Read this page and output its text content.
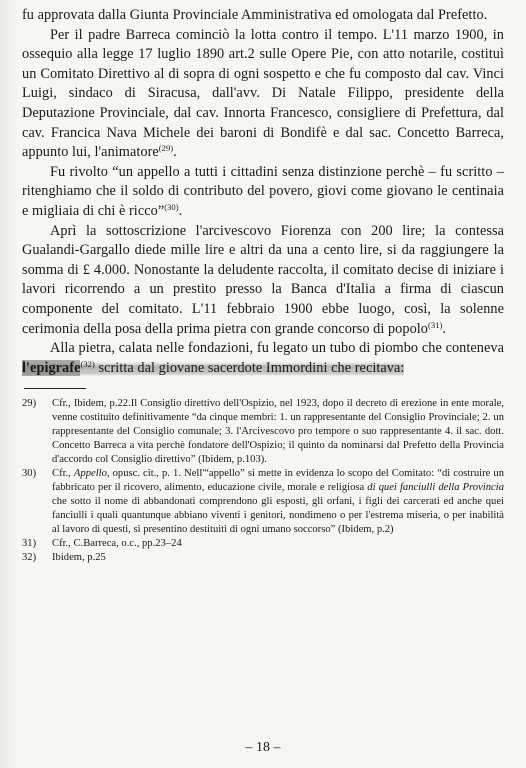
fu approvata dalla Giunta Provinciale Amministrativa ed omologata dal Prefetto.

Per il padre Barreca cominciò la lotta contro il tempo. L'11 marzo 1900, in ossequio alla legge 17 luglio 1890 art.2 sulle Opere Pie, con atto notarile, costituì un Comitato Direttivo al di sopra di ogni sospetto e che fu composto dal cav. Vinci Luigi, sindaco di Siracusa, dall'avv. Di Natale Filippo, presidente della Deputazione Provinciale, dal cav. Innorta Francesco, consigliere di Prefettura, dal cav. Francica Nava Michele dei baroni di Bondifè e dal sac. Concetto Barreca, appunto lui, l'animatore$^{(29)}$.

Fu rivolto “un appello a tutti i cittadini senza distinzione perchè – fu scritto – ritenghiamo che il soldo di contributo del povero, giovi come giovano le centinaia e migliaia di chi è ricco”$^{(30)}$.

Aprì la sottoscrizione l'arcivescovo Fiorenza con 200 lire; la contessa Gualandi-Gargallo diede mille lire e altri da una a cento lire, si da raggiungere la somma di £ 4.000. Nonostante la deludente raccolta, il comitato decise di iniziare i lavori ricorrendo a un prestito presso la Banca d'Italia a firma di ciascun componente del comitato. L'11 febbraio 1900 ebbe luogo, così, la solenne cerimonia della posa della prima pietra con grande concorso di popolo$^{(31)}$.

Alla pietra, calata nelle fondazioni, fu legato un tubo di piombo che conteneva l'epigrafe$^{(32)}$ scritta dal giovane sacerdote Immordini che recitava:

29)	Cfr., Ibidem, p.22.Il Consiglio direttivo dell'Ospizio, nel 1923, dopo il decreto di erezione in ente morale, venne costituito definitivamente “da cinque membri: 1. un rappresentante del Consiglio Provinciale; 2. un rappresentante del Consiglio comunale; 3. l'Arcivescovo pro tempore o suo rappresentante 4. il sac. dott. Concetto Barreca a vita perchè fondatore dell'Ospizio; il quinto da nominarsi dal Prefetto della Provincia d'accordo col Consiglio direttivo” (Ibidem, p.103).

30)	Cfr., Appello, opusc. cit., p. 1. Nell'“appello” si mette in evidenza lo scopo del Comitato: “di costruire un fabbricato per il ricovero, alimento, educazione civile, morale e religiosa di quei fanciulli della Provincia che sotto il nome di abbandonati comprendono gli esposti, gli orfani, i figli dei carcerati ed anche quei fanciulli i quali quantunque abbiano viventi i genitori, nondimeno o per l'estrema miseria, o per inabilità al lavoro di questi, si presentino destituiti di ogni umano soccorso” (Ibidem, p.2)

31)	Cfr., C.Barreca, o.c., pp.23–24

32)	Ibidem, p.25

– 18 –
